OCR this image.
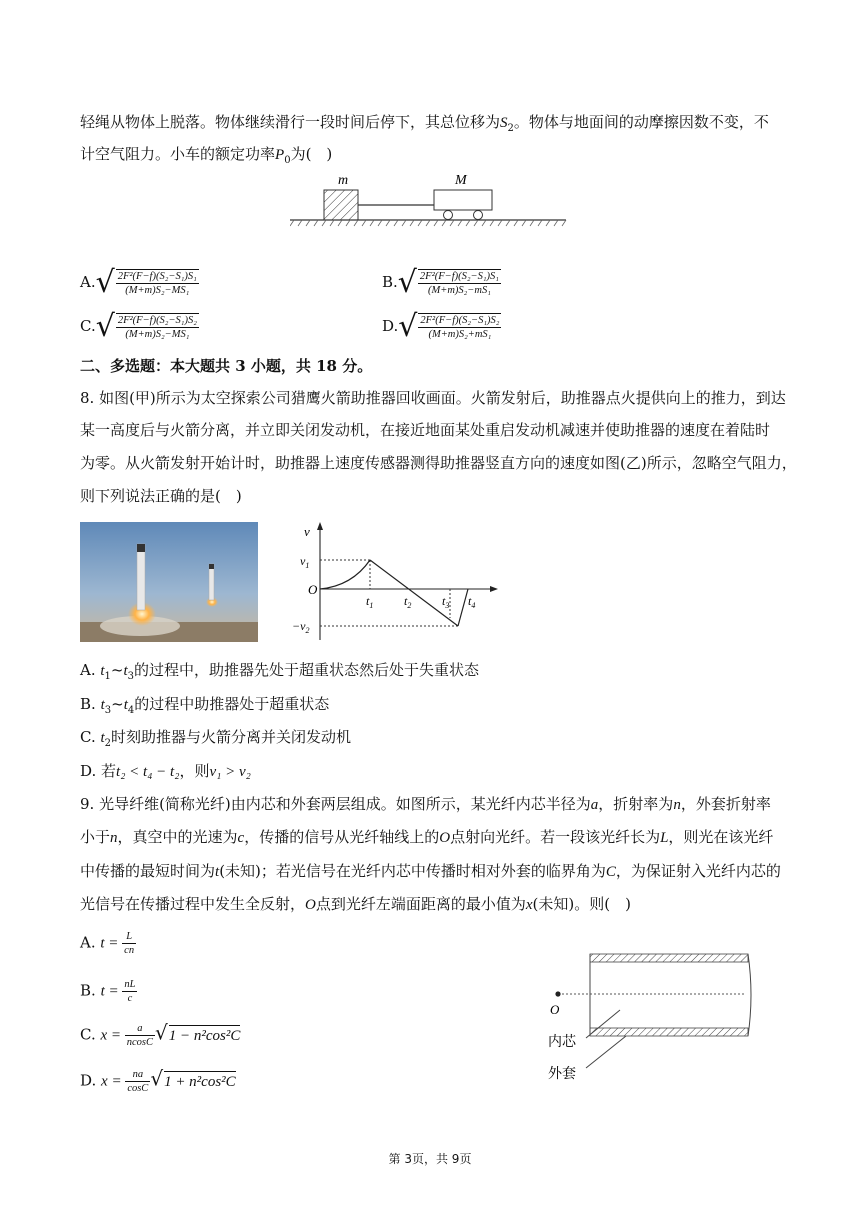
轻绳从物体上脱落。物体继续滑行一段时间后停下，其总位移为$S_2$。物体与地面间的动摩擦因数不变，不
计空气阻力。小车的额定功率$P_0$为(　)
m	M
$A.√ \frac{\text{2F²(F−f)(S₂−S₁)S₁}}{\text{(M+m)S₂−MS₁}}$	$B.√ \frac{\text{2F²(F−f)(S₂−S₁)S₁}}{\text{(M+m)S₂−mS₁}}$
$C.√ \frac{\text{2F²(F−f)(S₂−S₁)S₂}}{\text{(M+m)S₂−MS₁}}$	$D.√ \frac{\text{2F²(F−f)(S₂−S₁)S₂}}{\text{(M+m)S₂+mS₁}}$
二、多选题：本大题共 3 小题，共 18 分。
8. 如图(甲)所示为太空探索公司猎鹰火箭助推器回收画面。火箭发射后，助推器点火提供向上的推力，到达
某一高度后与火箭分离，并立即关闭发动机，在接近地面某处重启发动机减速并使助推器的速度在着陆时
为零。从火箭发射开始计时，助推器上速度传感器测得助推器竖直方向的速度如图(乙)所示，忽略空气阻力，
则下列说法正确的是(　)
v
$v_1$
O
$-v_2$
$t_1$	$t_2$	$t_3$ $t_4$
A. $t_1\sim t_3$的过程中，助推器先处于超重状态然后处于失重状态
B. $t_3\sim t_4$的过程中助推器处于超重状态
C. $t_2$时刻助推器与火箭分离并关闭发动机
D. 若t₂ < t₄ − t₂，则v₁ > v₂
9. 光导纤维(简称光纤)由内芯和外套两层组成。如图所示，某光纤内芯半径为a，折射率为n，外套折射率
小于n，真空中的光速为c，传播的信号从光纤轴线上的O点射向光纤。若一段该光纤长为L，则光在该光纤
中传播的最短时间为t(未知)；若光信号在光纤内芯中传播时相对外套的临界角为C，为保证射入光纤内芯的
光信号在传播过程中发生全反射，O点到光纤左端面距离的最小值为x(未知)。则(　)
A. $t = \frac{L}{cn}$
B. $t = \frac{nL}{c}$
C. $x = \frac{a}{ncosC} √1 - n^2\cos^2C$
D. $x = \frac{na}{\cos C} √1 + n^2\cos^2C$
O
内芯
外套
第 3页，共 9页
